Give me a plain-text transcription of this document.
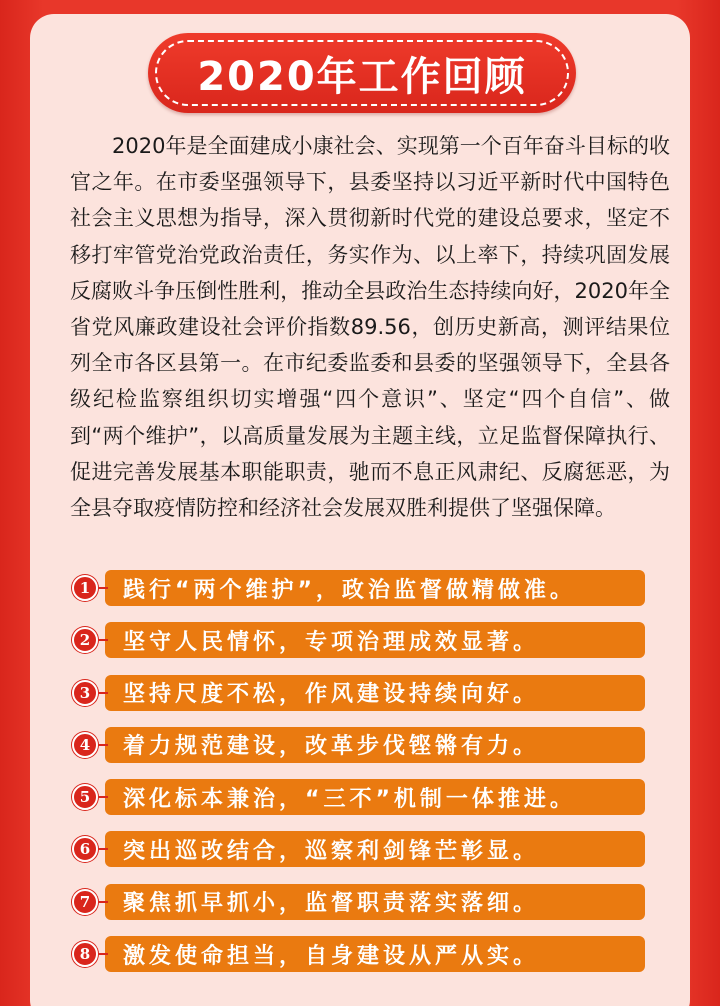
2020年工作回顾

2020年是全面建成小康社会、实现第一个百年奋斗目标的收官之年。在市委坚强领导下，县委坚持以习近平新时代中国特色社会主义思想为指导，深入贯彻新时代党的建设总要求，坚定不移打牢管党治党政治责任，务实作为、以上率下，持续巩固发展反腐败斗争压倒性胜利，推动全县政治生态持续向好，2020年全省党风廉政建设社会评价指数89.56，创历史新高，测评结果位列全市各区县第一。在市纪委监委和县委的坚强领导下，全县各级纪检监察组织切实增强“四个意识”、坚定“四个自信”、做到“两个维护”，以高质量发展为主题主线，立足监督保障执行、促进完善发展基本职能职责，驰而不息正风肃纪、反腐惩恶，为全县夺取疫情防控和经济社会发展双胜利提供了坚强保障。

践行“两个维护”，政治监督做精做准。
1
坚守人民情怀，专项治理成效显著。
2
坚持尺度不松，作风建设持续向好。
3
着力规范建设，改革步伐铿锵有力。
4
深化标本兼治，“三不”机制一体推进。
5
突出巡改结合，巡察利剑锋芒彰显。
6
聚焦抓早抓小，监督职责落实落细。
7
激发使命担当，自身建设从严从实。
8
